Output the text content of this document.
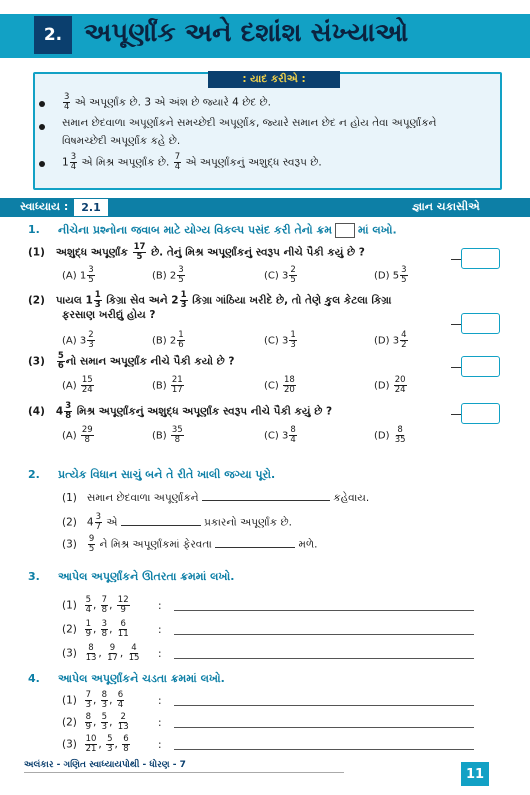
2. અપૂર્ણાંક અને દશાંશ સંખ્યાઓ
: યાદ કરીએ :
$\frac{3}{4}$ એ અપૂર્ણાંક છે. 3 એ અંશ છે જ્યારે 4 છેદ છે.
સમાન છેદવાળા અપૂર્ણાંકને સમચ્છેદી અપૂર્ણાંક, જ્યારે સમાન છેદ ન હોય તેવા અપૂર્ણાંકને
વિષમચ્છેદી અપૂર્ણાંક કહે છે.
$1 \frac{3}{4}$ એ મિશ્ર અપૂર્ણાંક છે. $\frac{7}{4}$ એ અપૂર્ણાંકનું અશુદ્ધ સ્વરૂપ છે.
સ્વાધ્યાય :	2.1	જ્ઞાન ચકાસીએ
1. નીચેના પ્રશ્નોના જવાબ માટે યોગ્ય વિકલ્પ પસંદ કરી તેનો ક્રમ માં લખો.
(1) અશુદ્ધ અપૂર્ણાંક $\frac{17}{5}$ છે. તેનું મિશ્ર અપૂર્ણાંકનું સ્વરૂપ નીચે પૈકી કયું છે ?
(A) $1 \frac{3}{5}$	(B) $2 \frac{3}{5}$	(C) $3 \frac{2}{5}$	(D) $5 \frac{3}{5}$
(2) પાયલ $1 \frac{1}{3}$ કિગ્રા સેવ અને $2 \frac{1}{3}$ કિગ્રા ગાંઠિયા ખરીદે છે, તો તેણે કુલ કેટલા કિગ્રા
ફરસાણ ખરીદ્યું હોય ?
(A) $3 \frac{2}{3}$	(B) $2 \frac{1}{6}$	(C) $3 \frac{1}{3}$	(D) $3 \frac{4}{2}$
$(3) \frac{5}{6}$ નો સમાન અપૂર્ણાંક નીચે પૈકી કયો છે ?
$(A) \frac{15}{24}$	$(B) \frac{21}{17}$	$(C) \frac{18}{20}$	$(D) \frac{20}{24}$
(4) $4 \frac{3}{8}$ મિશ્ર અપૂર્ણાંકનું અશુદ્ધ અપૂર્ણાંક સ્વરૂપ નીચે પૈકી કયું છે ?
$(A) \frac{29}{8}$	$(B) \frac{35}{8}$	(C) $3 \frac{8}{4}$	$(D) \frac{8}{35}$
2. પ્રત્યેક વિધાન સાચું બને તે રીતે ખાલી જગ્યા પૂરો.
(1) સમાન છેદવાળા અપૂર્ણાંકને	કહેવાય.
(2) $4 \frac{3}{7}$ એ	પ્રકારનો અપૂર્ણાંક છે.
$(3) \frac{9}{5}$ ને મિશ્ર અપૂર્ણાંકમાં ફેરવતા	મળે.
3. આપેલ અપૂર્ણાંકને ઊતરતા ક્રમમાં લખો.
$(1) \frac{5}{4}$ , $\frac{7}{8}$ , $\frac{12}{9}$	:
$(2) \frac{1}{9}$ , $\frac{3}{8}$ , $\frac{6}{11}$	:
$(3) \frac{8}{13}$ , $\frac{9}{17}$ , $\frac{4}{15}$ :
4. આપેલ અપૂર્ણાંકને ચડતા ક્રમમાં લખો.
$(1) \frac{7}{3}$ , $\frac{8}{3}$ , $\frac{6}{4}$	:
$(2) \frac{8}{9}$ , $\frac{5}{3}$ , $\frac{2}{13}$	:
$(3) \frac{10}{21}$ , $\frac{5}{3}$ , $\frac{6}{8}$	:
અલંકાર - ગણિત સ્વાધ્યાયપોથી - ધોરણ - 7
11
